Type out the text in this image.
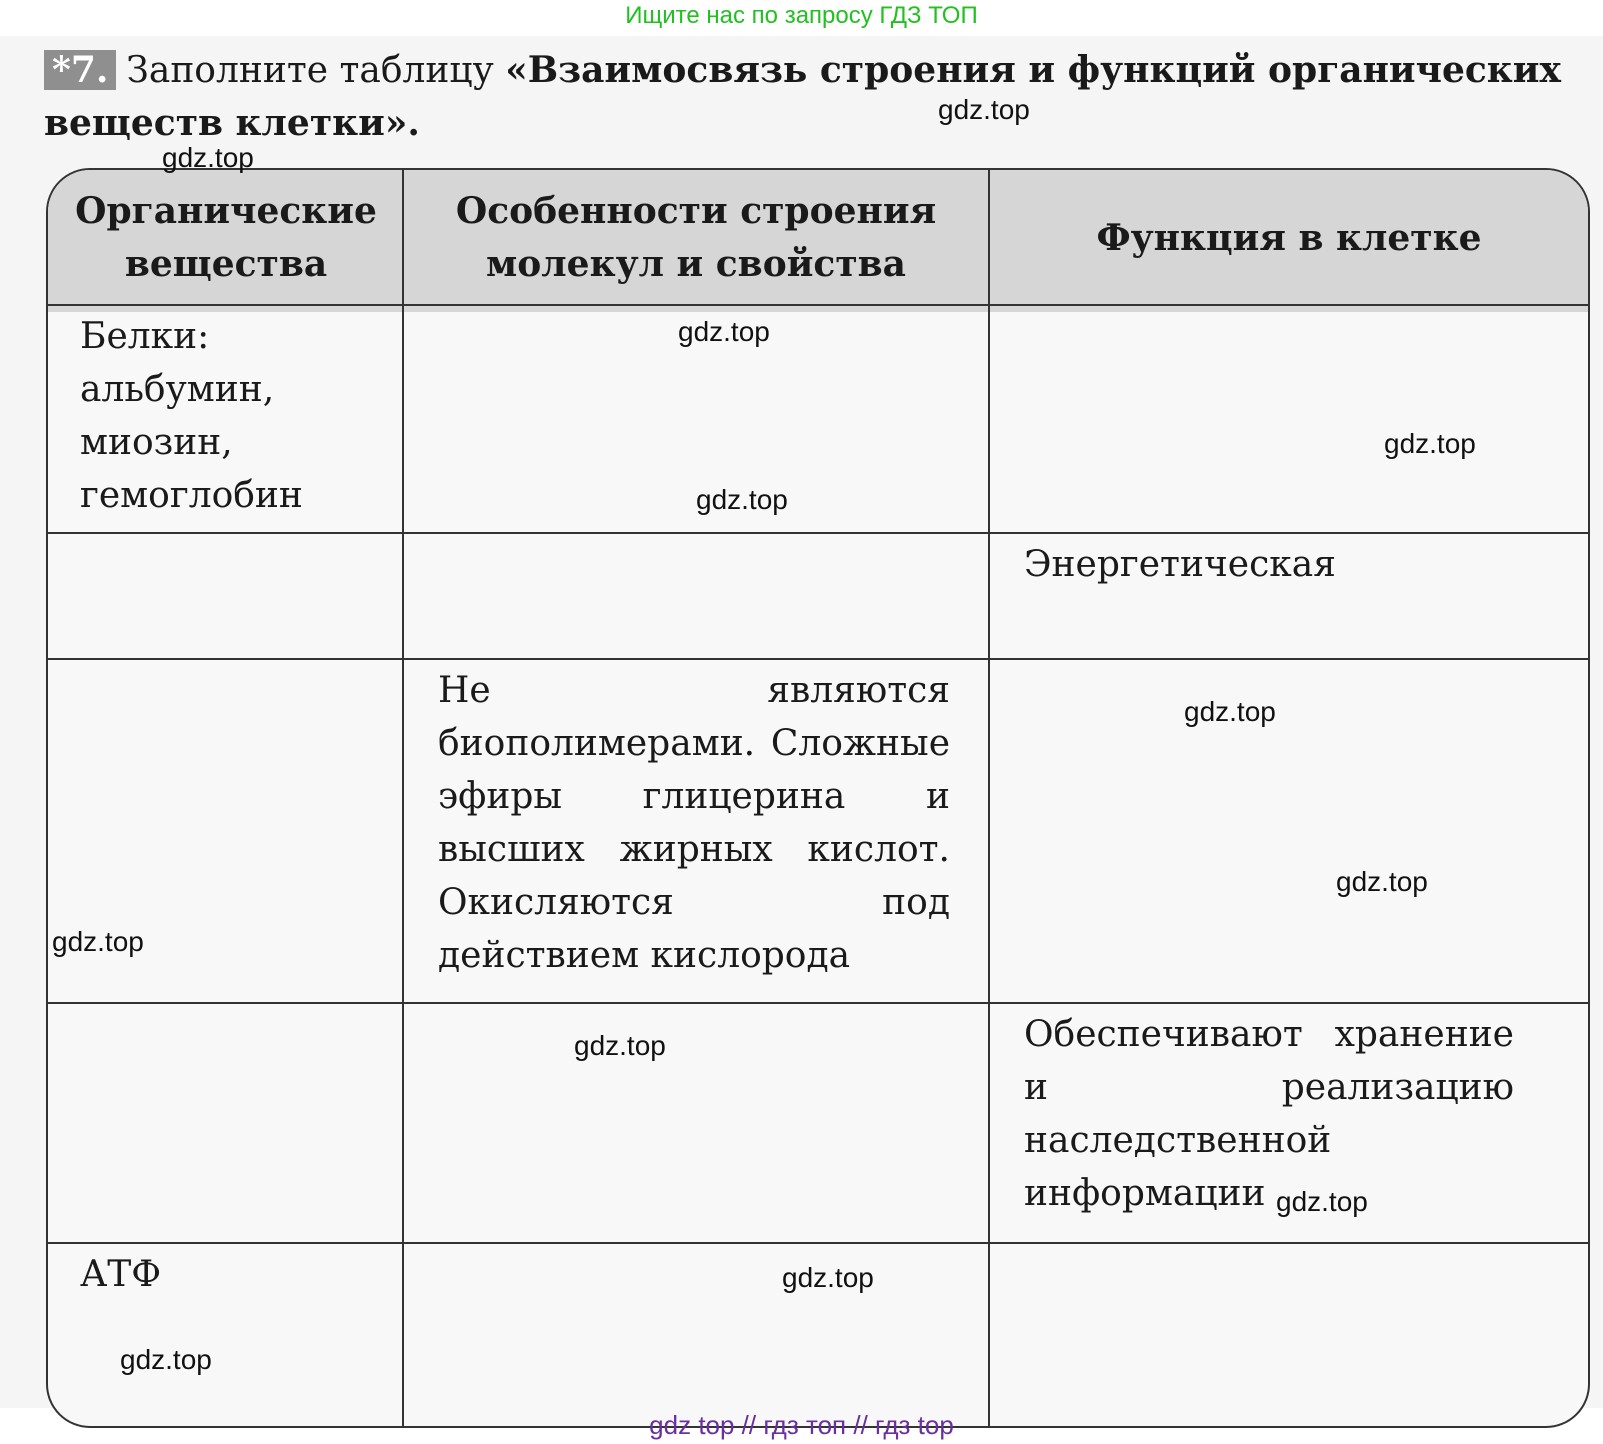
Ищите нас по запросу ГДЗ ТОП
*7. Заполните таблицу «Взаимосвязь строения и функций органических веществ клетки».
Органические вещества
Особенности строения молекул и свойства
Функция в клетке
Белки: альбумин, миозин, гемоглобин
Энергетическая
Не являются биополимерами. Сложные эфиры глицерина и высших жирных кислот. Окисляются под действием кислорода
Обеспечивают хранение и реализацию наследственной информации
АТФ
gdz.top
gdz.top
gdz.top
gdz.top
gdz.top
gdz.top
gdz.top
gdz.top
gdz.top
gdz.top
gdz.top
gdz.top
gdz top // гдз топ // гдз top
